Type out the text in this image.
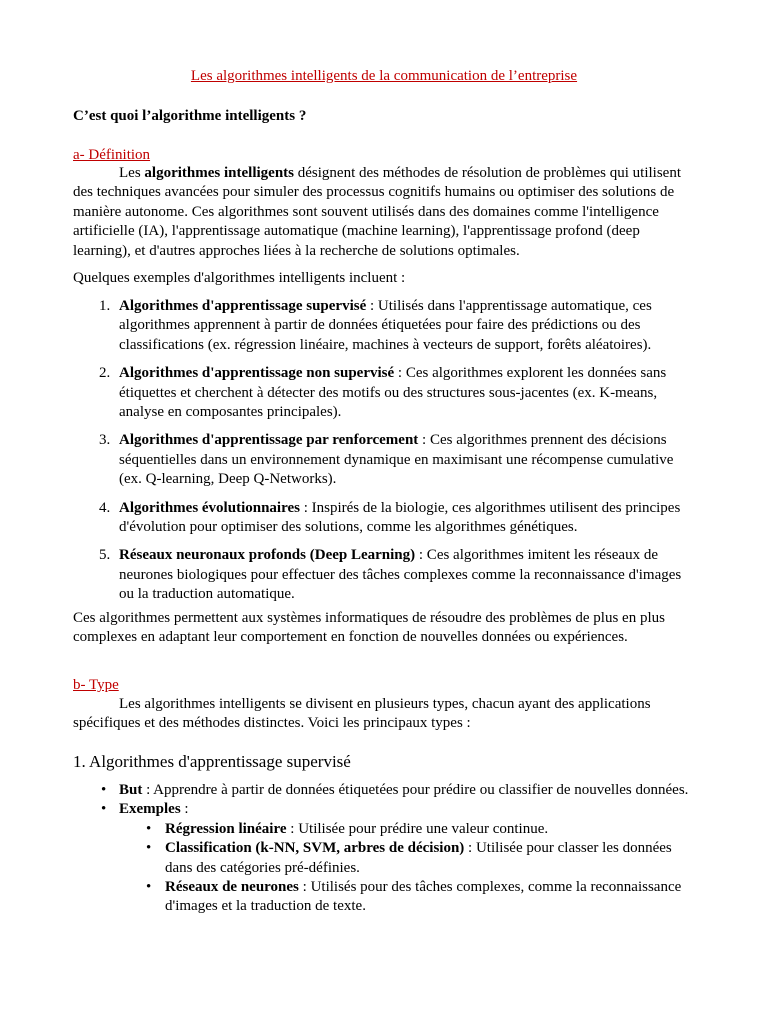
Les algorithmes intelligents de la communication de l’entreprise

C’est quoi l’algorithme intelligents ?

a- Définition

Les algorithmes intelligents désignent des méthodes de résolution de problèmes qui utilisent des techniques avancées pour simuler des processus cognitifs humains ou optimiser des solutions de manière autonome. Ces algorithmes sont souvent utilisés dans des domaines comme l'intelligence artificielle (IA), l'apprentissage automatique (machine learning), l'apprentissage profond (deep learning), et d'autres approches liées à la recherche de solutions optimales.

Quelques exemples d'algorithmes intelligents incluent :

1. Algorithmes d'apprentissage supervisé : Utilisés dans l'apprentissage automatique, ces algorithmes apprennent à partir de données étiquetées pour faire des prédictions ou des classifications (ex. régression linéaire, machines à vecteurs de support, forêts aléatoires).
2. Algorithmes d'apprentissage non supervisé : Ces algorithmes explorent les données sans étiquettes et cherchent à détecter des motifs ou des structures sous-jacentes (ex. K-means, analyse en composantes principales).
3. Algorithmes d'apprentissage par renforcement : Ces algorithmes prennent des décisions séquentielles dans un environnement dynamique en maximisant une récompense cumulative (ex. Q-learning, Deep Q-Networks).
4. Algorithmes évolutionnaires : Inspirés de la biologie, ces algorithmes utilisent des principes d'évolution pour optimiser des solutions, comme les algorithmes génétiques.
5. Réseaux neuronaux profonds (Deep Learning) : Ces algorithmes imitent les réseaux de neurones biologiques pour effectuer des tâches complexes comme la reconnaissance d'images ou la traduction automatique.

Ces algorithmes permettent aux systèmes informatiques de résoudre des problèmes de plus en plus complexes en adaptant leur comportement en fonction de nouvelles données ou expériences.

b- Type

Les algorithmes intelligents se divisent en plusieurs types, chacun ayant des applications spécifiques et des méthodes distinctes. Voici les principaux types :

1. Algorithmes d'apprentissage supervisé
• But : Apprendre à partir de données étiquetées pour prédire ou classifier de nouvelles données.
• Exemples :
• Régression linéaire : Utilisée pour prédire une valeur continue.
• Classification (k-NN, SVM, arbres de décision) : Utilisée pour classer les données dans des catégories pré-définies.
• Réseaux de neurones : Utilisés pour des tâches complexes, comme la reconnaissance d'images et la traduction de texte.
